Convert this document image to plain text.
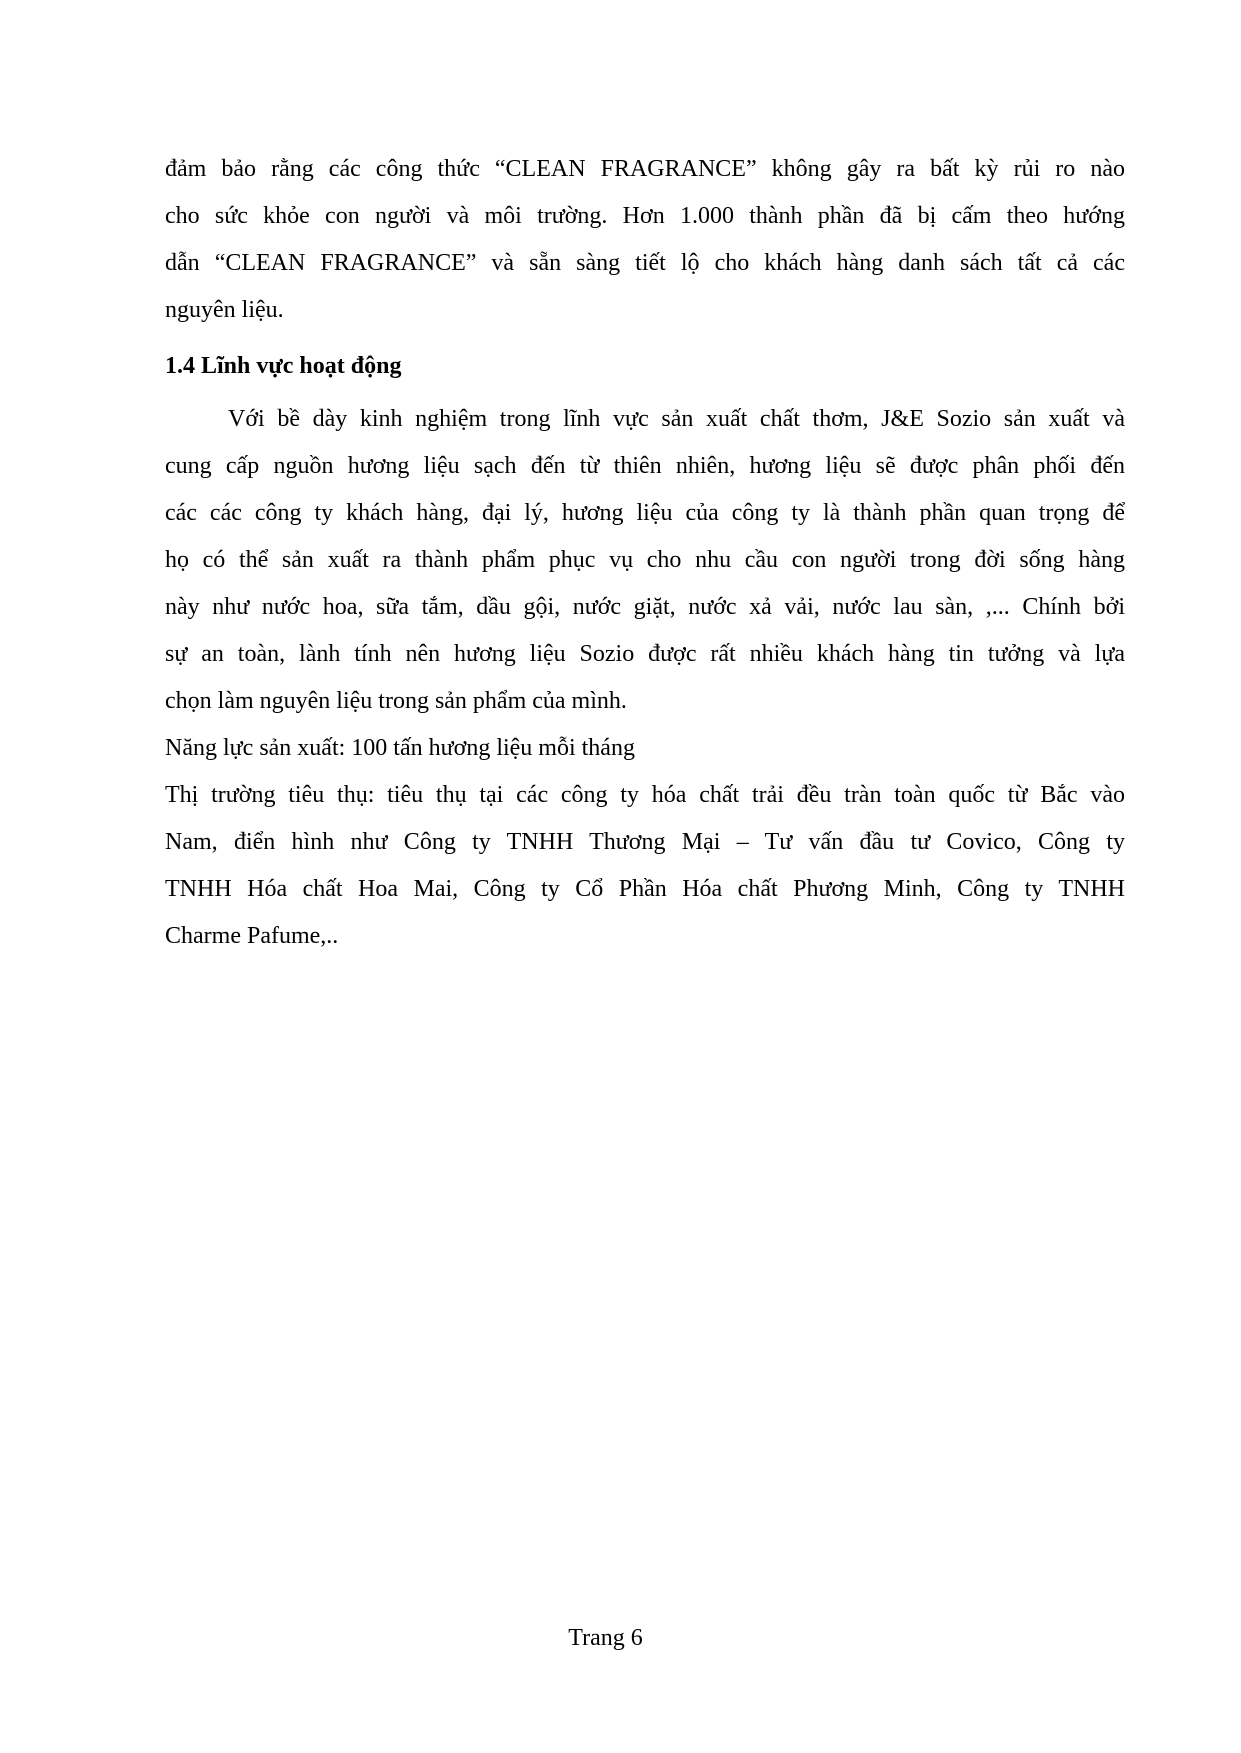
đảm bảo rằng các công thức “CLEAN FRAGRANCE” không gây ra bất kỳ rủi ro nào
cho sức khỏe con người và môi trường. Hơn 1.000 thành phần đã bị cấm theo hướng
dẫn “CLEAN FRAGRANCE” và sẵn sàng tiết lộ cho khách hàng danh sách tất cả các
nguyên liệu.
1.4 Lĩnh vực hoạt động
Với bề dày kinh nghiệm trong lĩnh vực sản xuất chất thơm, J&E Sozio sản xuất và
cung cấp nguồn hương liệu sạch đến từ thiên nhiên, hương liệu sẽ được phân phối đến
các các công ty khách hàng, đại lý, hương liệu của công ty là thành phần quan trọng để
họ có thể sản xuất ra thành phẩm phục vụ cho nhu cầu con người trong đời sống hàng
này như nước hoa, sữa tắm, dầu gội, nước giặt, nước xả vải, nước lau sàn, ,... Chính bởi
sự an toàn, lành tính nên hương liệu Sozio được rất nhiều khách hàng tin tưởng và lựa
chọn làm nguyên liệu trong sản phẩm của mình.
Năng lực sản xuất: 100 tấn hương liệu mỗi tháng
Thị trường tiêu thụ: tiêu thụ tại các công ty hóa chất trải đều tràn toàn quốc từ Bắc vào
Nam, điển hình như Công ty TNHH Thương Mại – Tư vấn đầu tư Covico, Công ty
TNHH Hóa chất Hoa Mai, Công ty Cổ Phần Hóa chất Phương Minh, Công ty TNHH
Charme Pafume,..
Trang 6
